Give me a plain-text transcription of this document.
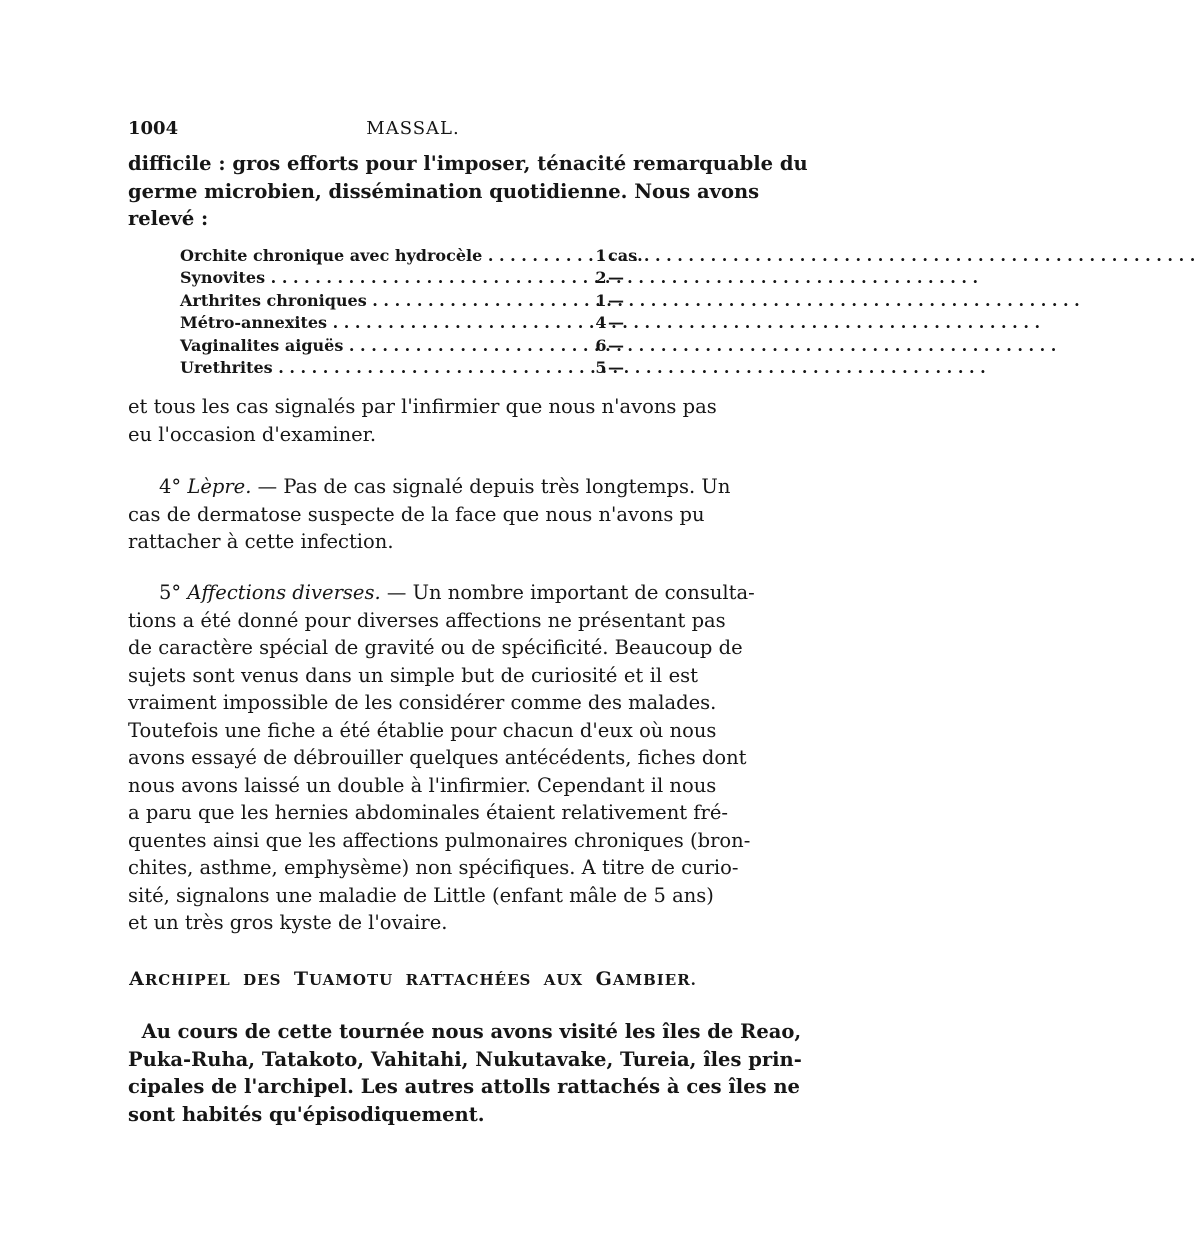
1004	MASSAL.

difficile : gros efforts pour l'imposer, ténacité remarquable du
germe microbien, dissémination quotidienne. Nous avons
relevé :

Orchite chronique avec hydrocèle . . .	1 cas.
Synovites . . .	2 —
Arthrites chroniques . . .	1 —
Métro-annexites . . .	4 —
Vaginalites aiguës . . .	6 —
Urethrites . . .	5 —

et tous les cas signalés par l'infirmier que nous n'avons pas
eu l'occasion d'examiner.

4° Lèpre. — Pas de cas signalé depuis très longtemps. Un
cas de dermatose suspecte de la face que nous n'avons pu
rattacher à cette infection.

5° Affections diverses. — Un nombre important de consulta-
tions a été donné pour diverses affections ne présentant pas
de caractère spécial de gravité ou de spécificité. Beaucoup de
sujets sont venus dans un simple but de curiosité et il est
vraiment impossible de les considérer comme des malades.
Toutefois une fiche a été établie pour chacun d'eux où nous
avons essayé de débrouiller quelques antécédents, fiches dont
nous avons laissé un double à l'infirmier. Cependant il nous
a paru que les hernies abdominales étaient relativement fré-
quentes ainsi que les affections pulmonaires chroniques (bron-
chites, asthme, emphysème) non spécifiques. A titre de curio-
sité, signalons une maladie de Little (enfant mâle de 5 ans)
et un très gros kyste de l'ovaire.

ARCHIPEL DES TUAMOTU RATTACHÉES AUX GAMBIER.

Au cours de cette tournée nous avons visité les îles de Reao,
Puka-Ruha, Tatakoto, Vahitahi, Nukutavake, Tureia, îles prin-
cipales de l'archipel. Les autres attolls rattachés à ces îles ne
sont habités qu'épisodiquement.
